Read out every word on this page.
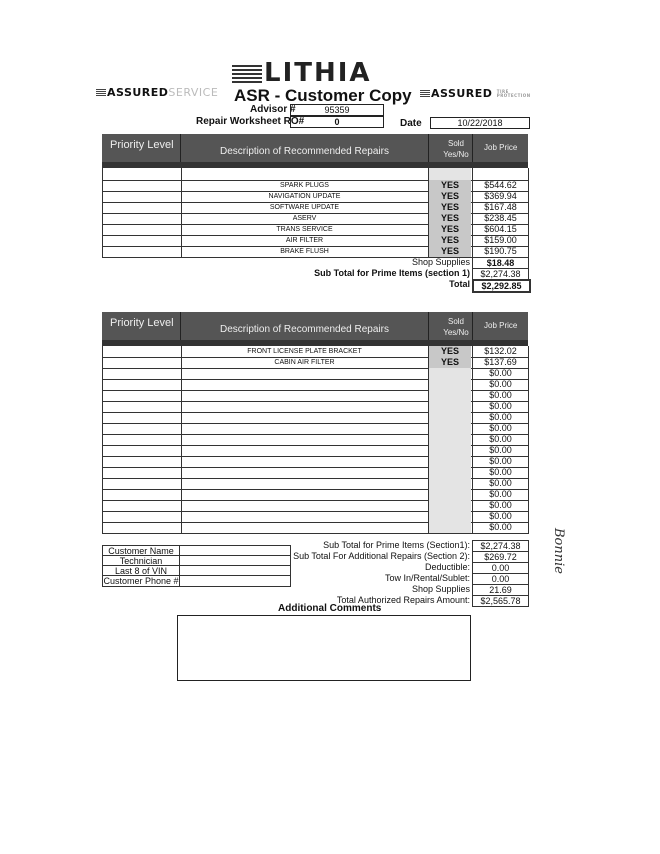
LITHIA
ASSUREDSERVICE	ASSURED TIRE PROTECTION
ASR - Customer Copy
Advisor #	95359
Repair Worksheet RO#	0	Date	10/22/2018
Priority Level
Description of Recommended Repairs
Sold Yes/No
Job Price
SPARK PLUGS	YES	$544.62
NAVIGATION UPDATE	YES	$369.94
SOFTWARE UPDATE	YES	$167.48
ASERV	YES	$238.45
TRANS SERVICE	YES	$604.15
AIR FILTER	YES	$159.00
BRAKE FLUSH	YES	$190.75
Shop Supplies	$18.48
Sub Total for Prime Items (section 1)	$2,274.38
Total	$2,292.85
Priority Level
Description of Recommended Repairs
Sold Yes/No
Job Price
FRONT LICENSE PLATE BRACKET	YES	$132.02
CABIN AIR FILTER	YES	$137.69
$0.00
$0.00
$0.00
$0.00
$0.00
$0.00
$0.00
$0.00
$0.00
$0.00
$0.00
$0.00
$0.00
$0.00
$0.00
Sub Total for Prime Items (Section1):	$2,274.38
Sub Total For Additional Repairs (Section 2):	$269.72
Deductible:	0.00
Tow In/Rental/Sublet:	0.00
Shop Supplies	21.69
Total Authorized Repairs Amount:	$2,565.78
Customer Name
Technician
Last 8 of VIN
Customer Phone #
Additional Comments
Bonnie
